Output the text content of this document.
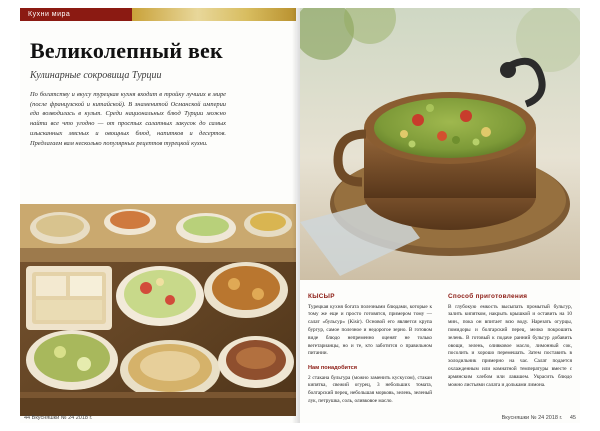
Кухни мира
Великолепный век
Кулинарные сокровища Турции
По богатству и вкусу турецкая кухня входит в тройку лучших в мире (после французской и китайской). В знаменитой Османской империи еда возводилась в культ. Среди национальных блюд Турции можно найти все что угодно — от простых салатных закусок до самых изысканных мясных и овощных блюд, напитков и десертов. Предлагаем вам несколько популярных рецептов турецкой кухни.
44 Вкусняшки № 24 2018 г.
КЫСЫР

Турецкая кухня богата полезными блюдами, которые к тому же еще и просто готовятся, примером тому — салат «бульсур» (Kisir). Основой его является крупа бургур, самое полезное и недорогое зерно. В готовом виде блюдо непременно оценят не только вегетарианцы, но и те, кто заботится о правильном питании.

Нам понадобится

2 стакана бульгура (можно заменить кускусом), стакан кипятка, свежий огурец, 3 небольших томата, болгарский перец, небольшая морковь, зелень, зеленый лук, петрушка, соль, оливковое масло.

Способ приготовления

В глубокую емкость высыпать промытый бульгур, залить кипятком, накрыть крышкой и оставить на 10 мин., пока он впитает всю воду. Нарезать огурцы, помидоры и болгарский перец, мелко покрошить зелень. В готовый к подаче ранний бульгур добавить овощи, зелень, оливковое масло, лимонный сок, посолить и хорошо перемешать. Затем поставить в холодильник примерно на час. Салат подается охлажденным или комнатной температуры вместе с армянским хлебом или лавашем. Украсить блюдо можно листьями салата и дольками лимона.

Вкусняшки № 24 2018 г. 45
